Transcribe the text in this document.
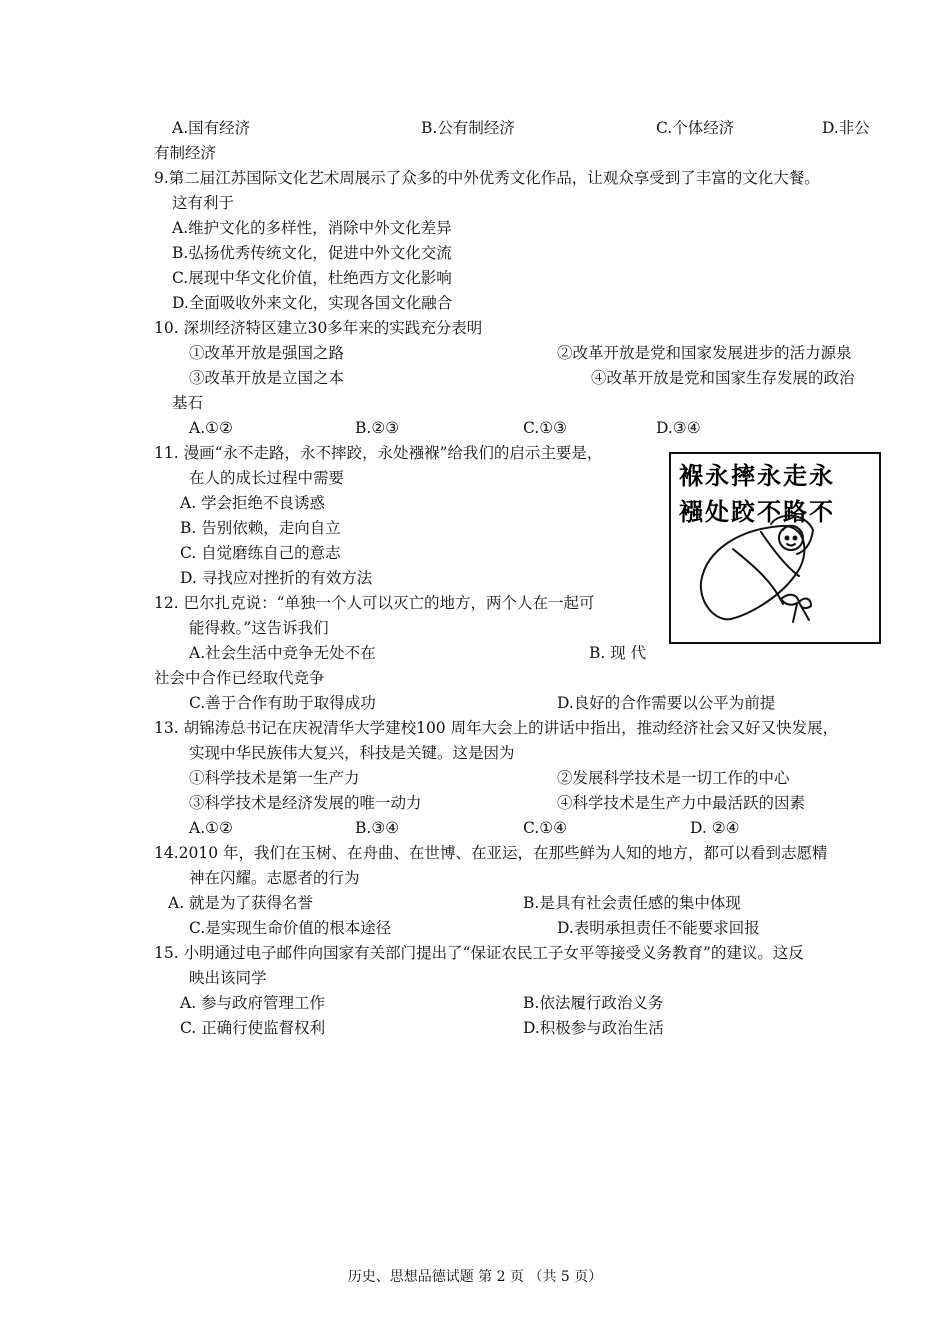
A.国有经济	B.公有制经济	C.个体经济	D.非公
有制经济
9.第二届江苏国际文化艺术周展示了众多的中外优秀文化作品，让观众享受到了丰富的文化大餐。
这有利于
A.维护文化的多样性，消除中外文化差异
B.弘扬优秀传统文化，促进中外文化交流
C.展现中华文化价值，杜绝西方文化影响
D.全面吸收外来文化，实现各国文化融合
10. 深圳经济特区建立30多年来的实践充分表明
①改革开放是强国之路	②改革开放是党和国家发展进步的活力源泉
③改革开放是立国之本	④改革开放是党和国家生存发展的政治
基石
A.①②	B.②③	C.①③	D.③④
11. 漫画“永不走路，永不摔跤，永处襁褓”给我们的启示主要是，
在人的成长过程中需要
A. 学会拒绝不良诱惑
B. 告别依赖，走向自立
C. 自觉磨练自己的意志
D. 寻找应对挫折的有效方法
褓永摔永走永
襁处跤不路不
12. 巴尔扎克说：“单独一个人可以灭亡的地方，两个人在一起可
能得救。”这告诉我们
A.社会生活中竞争无处不在	B. 现 代
社会中合作已经取代竞争
C.善于合作有助于取得成功	D.良好的合作需要以公平为前提
13. 胡锦涛总书记在庆祝清华大学建校100 周年大会上的讲话中指出，推动经济社会又好又快发展，
实现中华民族伟大复兴，科技是关键。这是因为
①科学技术是第一生产力	②发展科学技术是一切工作的中心
③科学技术是经济发展的唯一动力	④科学技术是生产力中最活跃的因素
A.①②	B.③④	C.①④	D. ②④
14.2010 年，我们在玉树、在舟曲、在世博、在亚运，在那些鲜为人知的地方，都可以看到志愿精
神在闪耀。志愿者的行为
A. 就是为了获得名誉	B.是具有社会责任感的集中体现
C.是实现生命价值的根本途径	D.表明承担责任不能要求回报
15. 小明通过电子邮件向国家有关部门提出了“保证农民工子女平等接受义务教育”的建议。这反
映出该同学
A. 参与政府管理工作	B.依法履行政治义务
C. 正确行使监督权利	D.积极参与政治生活
历史、思想品德试题 第 2 页 （共 5 页）
